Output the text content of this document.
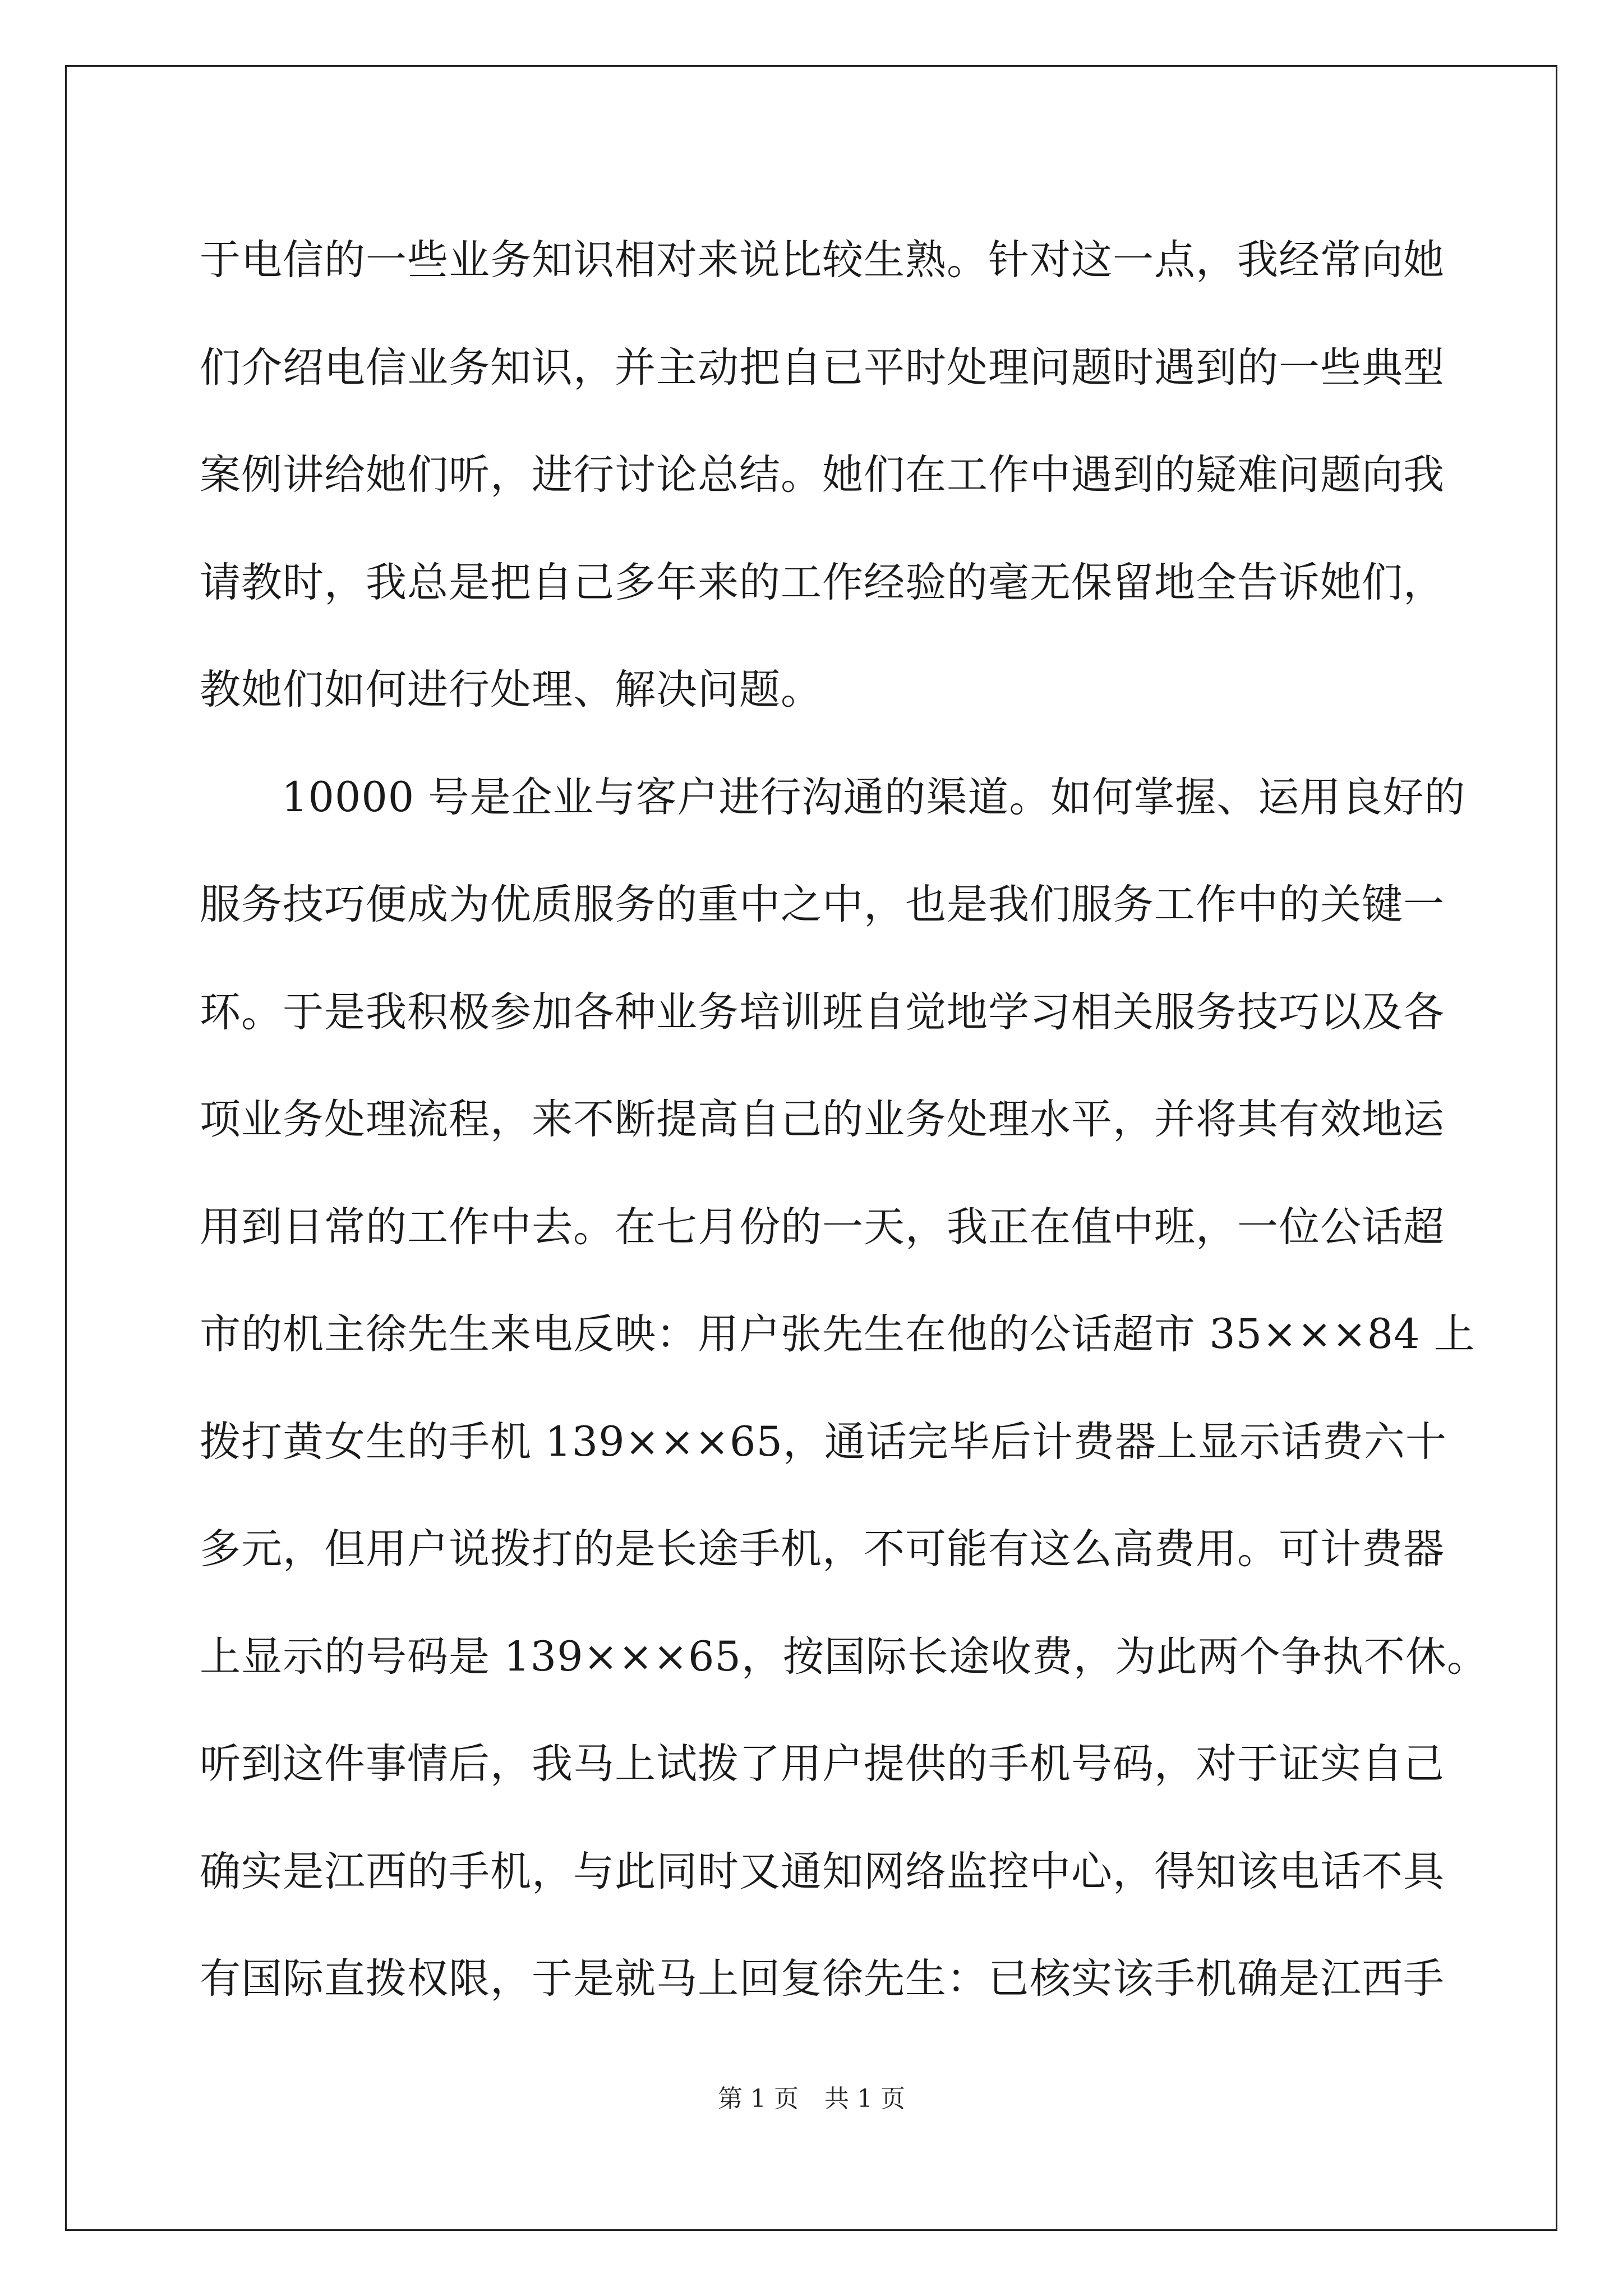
于电信的一些业务知识相对来说比较生熟。针对这一点，我经常向她
们介绍电信业务知识，并主动把自已平时处理问题时遇到的一些典型
案例讲给她们听，进行讨论总结。她们在工作中遇到的疑难问题向我
请教时，我总是把自己多年来的工作经验的毫无保留地全告诉她们，
教她们如何进行处理、解决问题。
10000 号是企业与客户进行沟通的渠道。如何掌握、运用良好的
服务技巧便成为优质服务的重中之中，也是我们服务工作中的关键一
环。于是我积极参加各种业务培训班自觉地学习相关服务技巧以及各
项业务处理流程，来不断提高自己的业务处理水平，并将其有效地运
用到日常的工作中去。在七月份的一天，我正在值中班，一位公话超
市的机主徐先生来电反映：用户张先生在他的公话超市 35×××84 上
拨打黄女生的手机 139×××65，通话完毕后计费器上显示话费六十
多元，但用户说拨打的是长途手机，不可能有这么高费用。可计费器
上显示的号码是 139×××65，按国际长途收费，为此两个争执不休。
听到这件事情后，我马上试拨了用户提供的手机号码，对于证实自己
确实是江西的手机，与此同时又通知网络监控中心，得知该电话不具
有国际直拨权限，于是就马上回复徐先生：已核实该手机确是江西手
第 1 页 共 1 页
